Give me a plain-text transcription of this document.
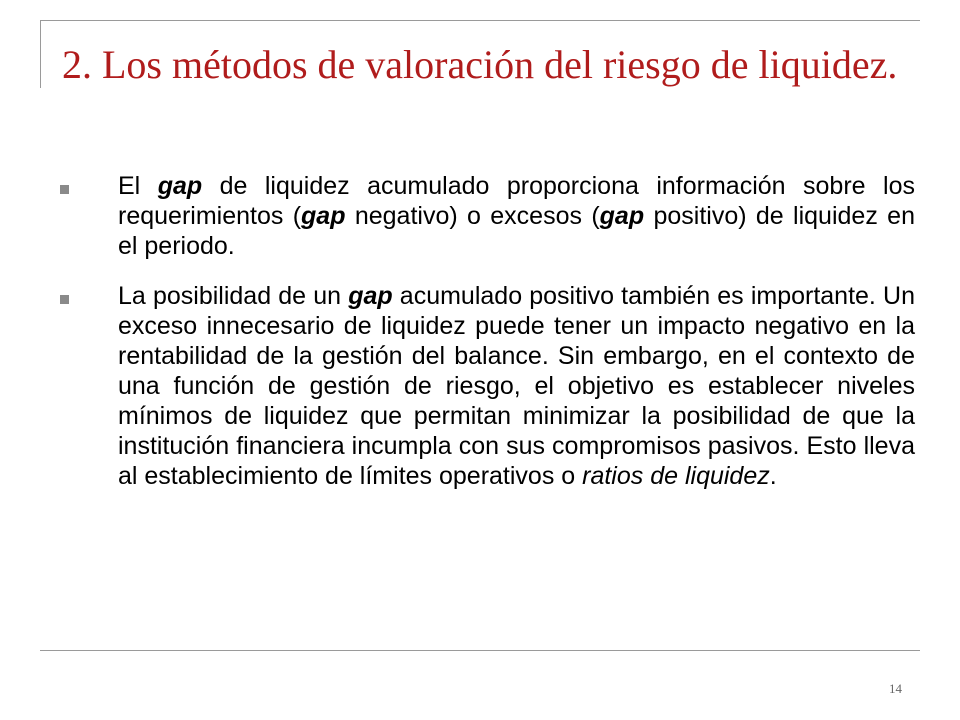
2. Los métodos de valoración del riesgo de liquidez.

El gap de liquidez acumulado proporciona información sobre los requerimientos (gap negativo) o excesos (gap positivo) de liquidez en el periodo.

La posibilidad de un gap acumulado positivo también es importante. Un exceso innecesario de liquidez puede tener un impacto negativo en la rentabilidad de la gestión del balance. Sin embargo, en el contexto de una función de gestión de riesgo, el objetivo es establecer niveles mínimos de liquidez que permitan minimizar la posibilidad de que la institución financiera incumpla con sus compromisos pasivos. Esto lleva al establecimiento de límites operativos o ratios de liquidez.

14
